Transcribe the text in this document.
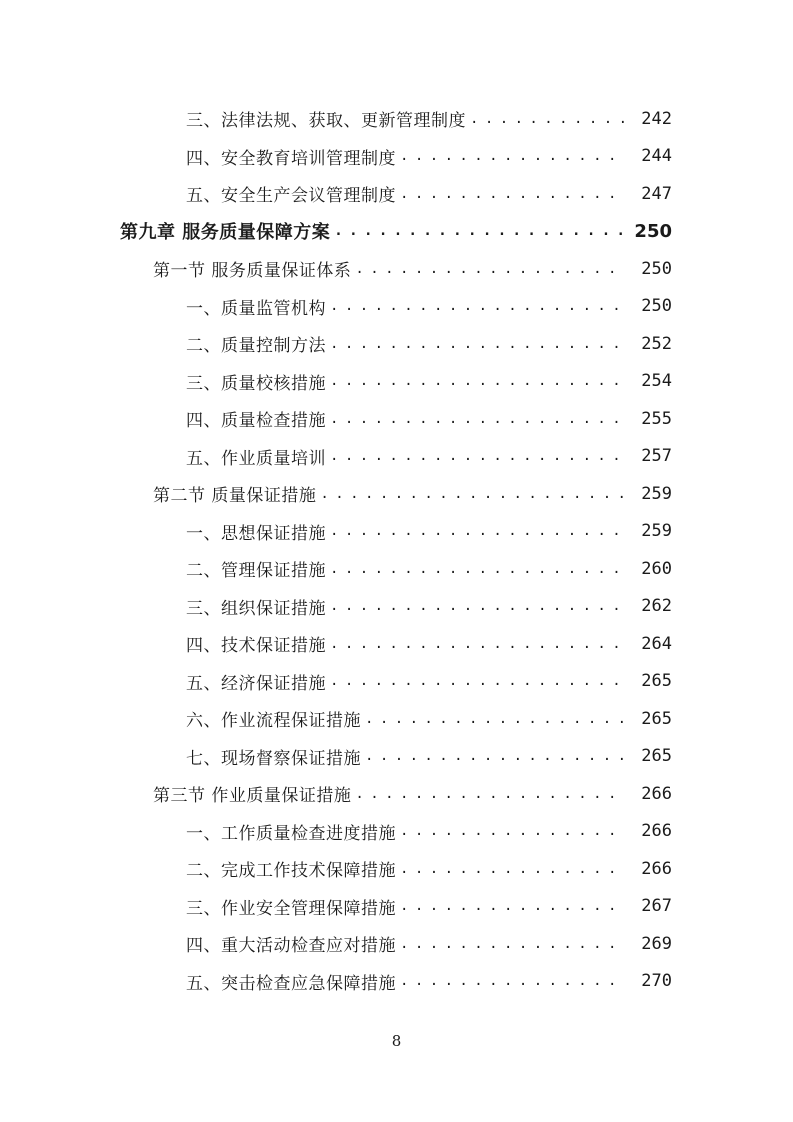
三、法律法规、获取、更新管理制度 . . .	242
四、安全教育培训管理制度 . . .	244
五、安全生产会议管理制度 . . .	247
第九章 服务质量保障方案 . . .	250
第一节 服务质量保证体系 . . .	250
一、质量监管机构 . . .	250
二、质量控制方法 . . .	252
三、质量校核措施 . . .	254
四、质量检查措施 . . .	255
五、作业质量培训 . . .	257
第二节 质量保证措施 . . .	259
一、思想保证措施 . . .	259
二、管理保证措施 . . .	260
三、组织保证措施 . . .	262
四、技术保证措施 . . .	264
五、经济保证措施 . . .	265
六、作业流程保证措施 . . .	265
七、现场督察保证措施 . . .	265
第三节 作业质量保证措施 . . .	266
一、工作质量检查进度措施 . . .	266
二、完成工作技术保障措施 . . .	266
三、作业安全管理保障措施 . . .	267
四、重大活动检查应对措施 . . .	269
五、突击检查应急保障措施 . . .	270
8
